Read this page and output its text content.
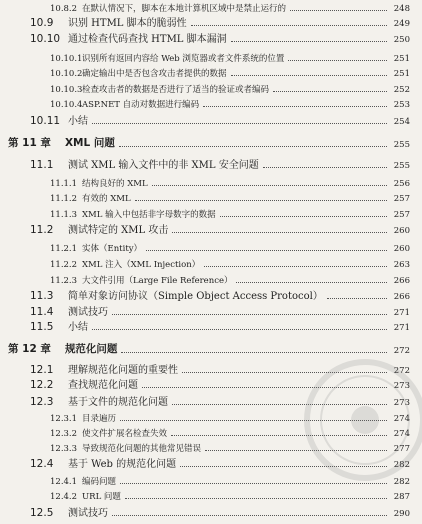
10.8.2 在默认情况下，脚本在本地计算机区域中是禁止运行的	248
10.9	识别 HTML 脚本的脆弱性	249
10.10 通过检查代码查找 HTML 脚本漏洞	250
10.10.1 识别所有返回内容给 Web 浏览器或者文件系统的位置	251
10.10.2 确定输出中是否包含攻击者提供的数据	251
10.10.3 检查攻击者的数据是否进行了适当的验证或者编码	252
10.10.4 ASP.NET 自动对数据进行编码	253
10.11 小结	254
第 11 章	XML 问题	255
11.1	测试 XML 输入文件中的非 XML 安全问题	255
11.1.1 结构良好的 XML	256
11.1.2 有效的 XML	257
11.1.3 XML 输入中包括非字母数字的数据	257
11.2	测试特定的 XML 攻击	260
11.2.1 实体（Entity）	260
11.2.2 XML 注入（XML Injection）	263
11.2.3 大文件引用（Large File Reference）	266
11.3	简单对象访问协议（Simple Object Access Protocol）	266
11.4	测试技巧	271
11.5	小结	271
第 12 章	规范化问题	272
12.1	理解规范化问题的重要性	272
12.2	查找规范化问题	273
12.3	基于文件的规范化问题	273
12.3.1 目录遍历	274
12.3.2 使文件扩展名检查失效	274
12.3.3 导致规范化问题的其他常见错误	277
12.4	基于 Web 的规范化问题	282
12.4.1 编码问题	282
12.4.2 URL 问题	287
12.5	测试技巧	290
